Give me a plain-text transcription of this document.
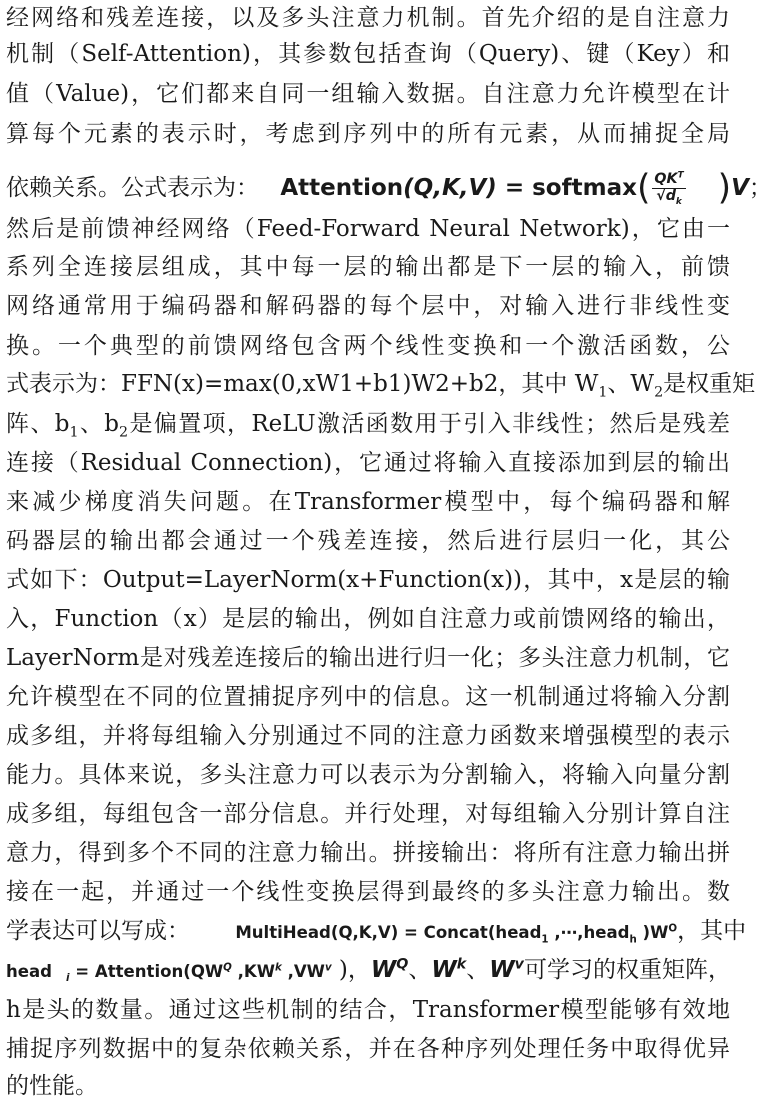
经网络和残差连接，以及多头注意力机制。首先介绍的是自注意力
机制（Self-Attention)，其参数包括查询（Query)、键（Key）和
值（Value)，它们都来自同一组输入数据。自注意力允许模型在计
算每个元素的表示时，考虑到序列中的所有元素，从而捕捉全局
依赖关系。公式表示为： Attention(Q,K,V) = softmax( $\frac{QK^T}{√d_k} )V$；
然后是前馈神经网络（Feed-Forward Neural Network)，它由一
系列全连接层组成，其中每一层的输出都是下一层的输入，前馈
网络通常用于编码器和解码器的每个层中，对输入进行非线性变
换。一个典型的前馈网络包含两个线性变换和一个激活函数，公
式表示为：FFN(x)=max(0,xW1+b1)W2+b2，其中 $W_1$、$W_2$是权重矩
阵、$b_1$、$b_2$是偏置项，ReLU激活函数用于引入非线性；然后是残差
连接（Residual Connection)，它通过将输入直接添加到层的输出
来减少梯度消失问题。在Transformer模型中，每个编码器和解
码器层的输出都会通过一个残差连接，然后进行层归一化，其公
式如下：Output=LayerNorm(x+Function(x))，其中，x是层的输
入，Function（x）是层的输出，例如自注意力或前馈网络的输出，
LayerNorm是对残差连接后的输出进行归一化；多头注意力机制，它
允许模型在不同的位置捕捉序列中的信息。这一机制通过将输入分割
成多组，并将每组输入分别通过不同的注意力函数来增强模型的表示
能力。具体来说，多头注意力可以表示为分割输入，将输入向量分割
成多组，每组包含一部分信息。并行处理，对每组输入分别计算自注
意力，得到多个不同的注意力输出。拼接输出：将所有注意力输出拼
接在一起，并通过一个线性变换层得到最终的多头注意力输出。数
学表达可以写成：	MultiHead(Q,K,V) = Concat(head$_1$ ,⋯,head$_h$ )$W^O$，其中
head $_i = Attention(QW^Q$ $,KW^k$ $,VW^v$ )，$W^Q$、$W^k$、$W^v$可学习的权重矩阵，
h是头的数量。通过这些机制的结合，Transformer模型能够有效地
捕捉序列数据中的复杂依赖关系，并在各种序列处理任务中取得优异
的性能。
